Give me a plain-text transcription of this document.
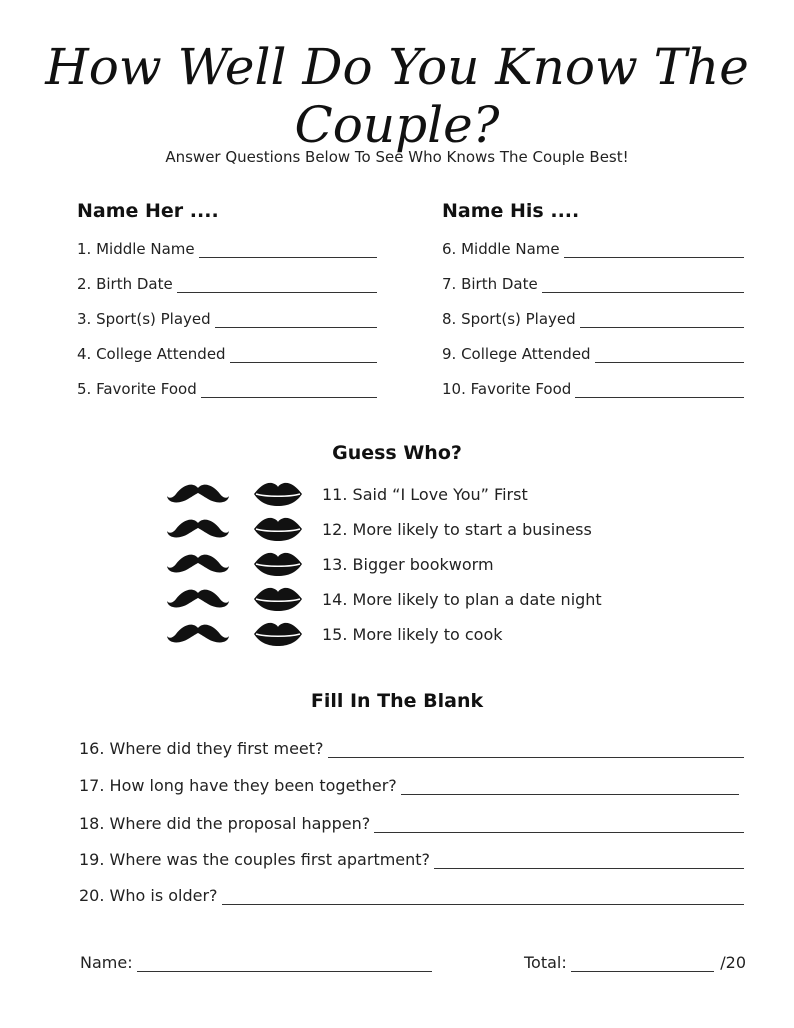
How Well Do You Know The Couple?
Answer Questions Below To See Who Knows The Couple Best!
Name Her ....
1. Middle Name
2. Birth Date
3. Sport(s) Played
4. College Attended
5. Favorite Food
Name His ....
6. Middle Name
7. Birth Date
8. Sport(s) Played
9. College Attended
10. Favorite Food
Guess Who?
11. Said “I Love You” First
12. More likely to start a business
13. Bigger bookworm
14. More likely to plan a date night
15. More likely to cook
Fill In The Blank
16. Where did they first meet?
17. How long have they been together?
18. Where did the proposal happen?
19. Where was the couples first apartment?
20. Who is older?
Name:	Total:	/20
